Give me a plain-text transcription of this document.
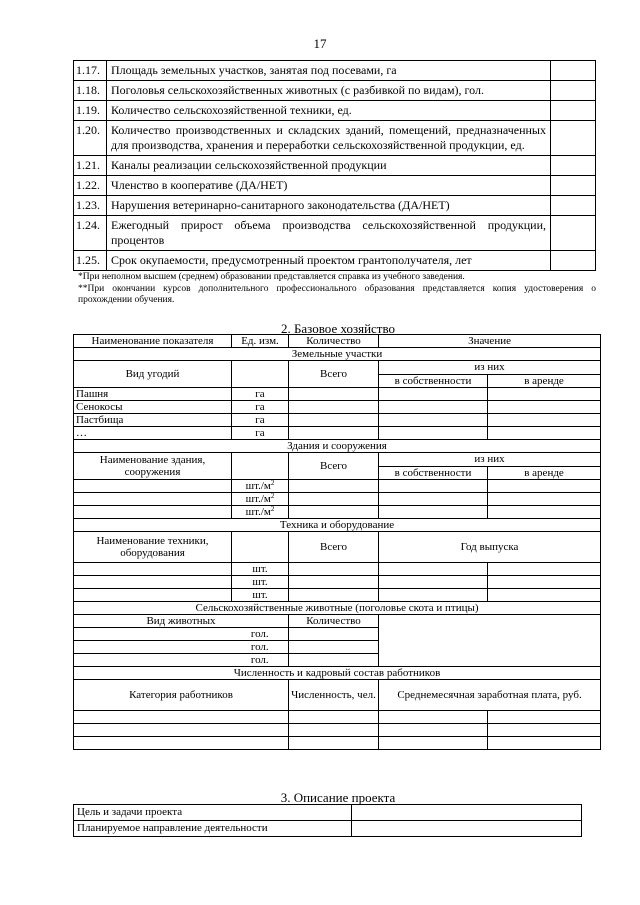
17
1.17.	Площадь земельных участков, занятая под посевами, га	
1.18.	Поголовья сельскохозяйственных животных (с разбивкой по видам), гол.	
1.19.	Количество сельскохозяйственной техники, ед.	
1.20.	Количество производственных и складских зданий, помещений, предназначенных для производства, хранения и переработки сельскохозяйственной продукции, ед.	
1.21.	Каналы реализации сельскохозяйственной продукции	
1.22.	Членство в кооперативе (ДА/НЕТ)	
1.23.	Нарушения ветеринарно-санитарного законодательства (ДА/НЕТ)	
1.24.	Ежегодный прирост объема производства сельскохозяйственной продукции, процентов	
1.25.	Срок окупаемости, предусмотренный проектом грантополучателя, лет	

*При неполном высшем (среднем) образовании представляется справка из учебного заведения.

**При окончании курсов дополнительного профессионального образования представляется копия удостоверения о прохождении обучения.

2. Базовое хозяйство
Наименование показателя	Ед. изм.	Количество	Значение	
Земельные участки				
Вид угодий		Всего	из них	
			в собственности	в аренде
Пашня	га			
Сенокосы	га			
Пастбища	га			
…	га			
Здания и сооружения				
Наименование здания, сооружения		Всего	из них	
			в собственности	в аренде
	$шт./м^2$			
	$шт./м^2$			
	$шт./м^2$			
Техника и оборудование				
Наименование техники, оборудования		Всего	Год выпуска	
	шт.			
	шт.			
	шт.			
Сельскохозяйственные животные (поголовье скота и птицы)				
Вид животных		Количество		
	гол.			
	гол.			
	гол.			
Численность и кадровый состав работников				
Категория работников		Численность, чел.	Среднемесячная заработная плата, руб.	

3. Описание проекта
Цель и задачи проекта	
Планируемое направление деятельности	
